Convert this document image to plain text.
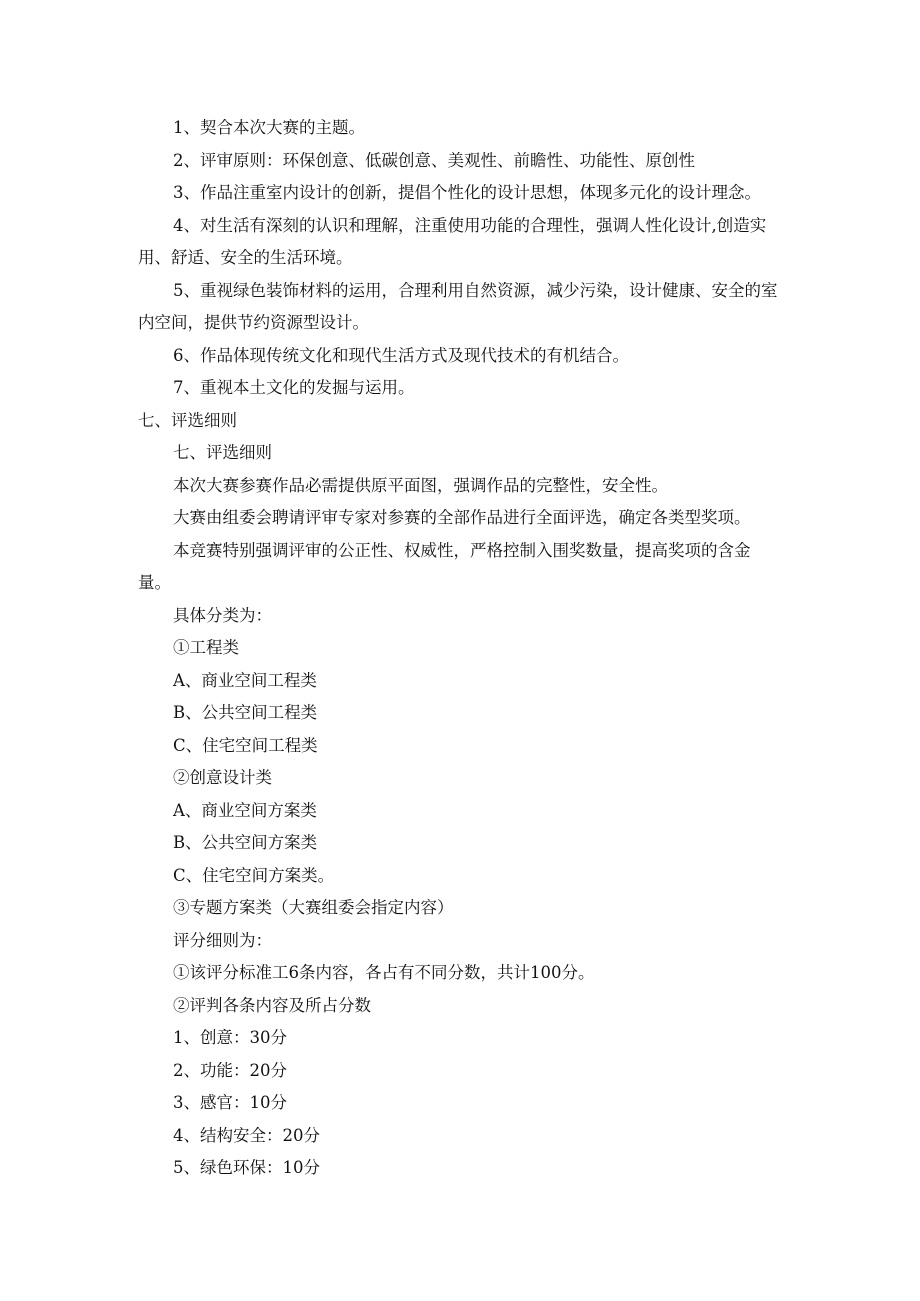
1、契合本次大赛的主题。

2、评审原则：环保创意、低碳创意、美观性、前瞻性、功能性、原创性

3、作品注重室内设计的创新，提倡个性化的设计思想，体现多元化的设计理念。

4、对生活有深刻的认识和理解，注重使用功能的合理性，强调人性化设计,创造实用、舒适、安全的生活环境。

5、重视绿色装饰材料的运用，合理利用自然资源，减少污染，设计健康、安全的室内空间，提供节约资源型设计。

6、作品体现传统文化和现代生活方式及现代技术的有机结合。

7、重视本土文化的发掘与运用。

七、评选细则

七、评选细则

本次大赛参赛作品必需提供原平面图，强调作品的完整性，安全性。

大赛由组委会聘请评审专家对参赛的全部作品进行全面评选，确定各类型奖项。

本竞赛特别强调评审的公正性、权威性，严格控制入围奖数量，提高奖项的含金量。

具体分类为：

①工程类

A、商业空间工程类

B、公共空间工程类

C、住宅空间工程类

②创意设计类

A、商业空间方案类

B、公共空间方案类

C、住宅空间方案类。

③专题方案类（大赛组委会指定内容）

评分细则为：

①该评分标准工6条内容，各占有不同分数，共计100分。

②评判各条内容及所占分数

1、创意：30分

2、功能：20分

3、感官：10分

4、结构安全：20分

5、绿色环保：10分
